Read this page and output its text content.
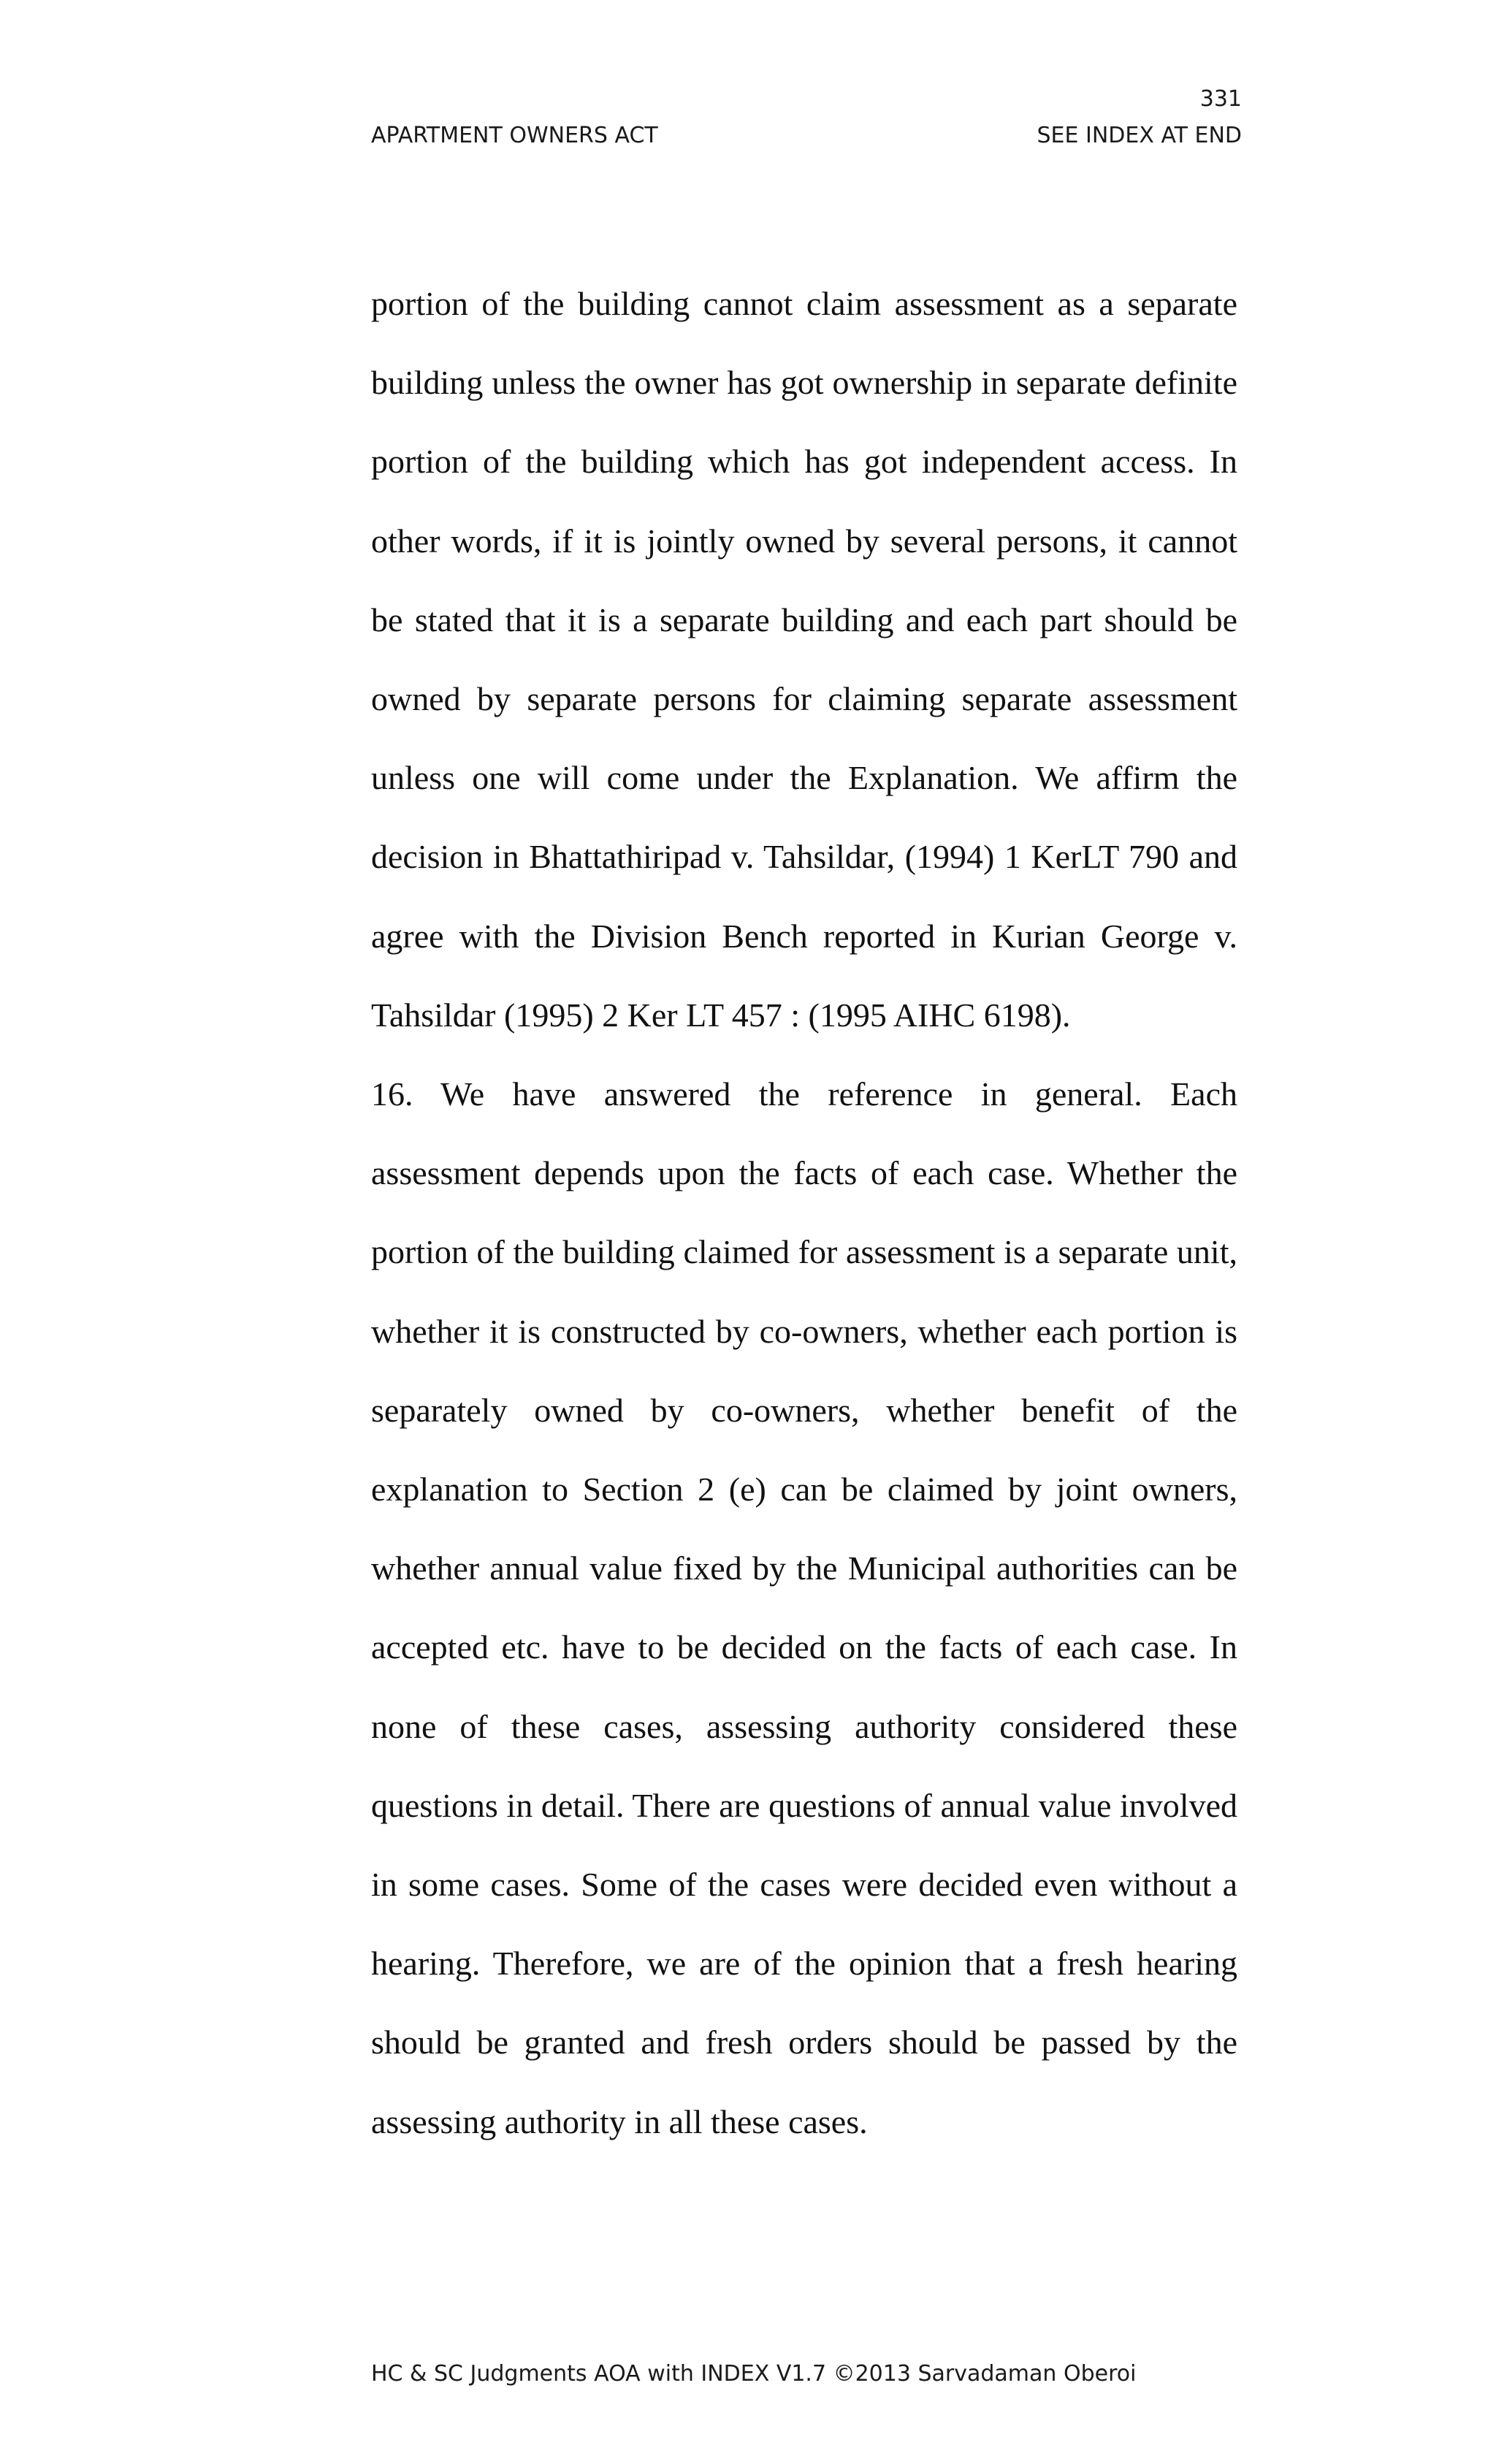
331
APARTMENT OWNERS ACT	SEE INDEX AT END

portion of the building cannot claim assessment as a separate building unless the owner has got ownership in separate definite portion of the building which has got independent access. In other words, if it is jointly owned by several persons, it cannot be stated that it is a separate building and each part should be owned by separate persons for claiming separate assessment unless one will come under the Explanation. We affirm the decision in Bhattathiripad v. Tahsildar, (1994) 1 KerLT 790 and agree with the Division Bench reported in Kurian George v. Tahsildar (1995) 2 Ker LT 457 : (1995 AIHC 6198).

16. We have answered the reference in general. Each assessment depends upon the facts of each case. Whether the portion of the building claimed for assessment is a separate unit, whether it is constructed by co-owners, whether each portion is separately owned by co-owners, whether benefit of the explanation to Section 2 (e) can be claimed by joint owners, whether annual value fixed by the Municipal authorities can be accepted etc. have to be decided on the facts of each case. In none of these cases, assessing authority considered these questions in detail. There are questions of annual value involved in some cases. Some of the cases were decided even without a hearing. Therefore, we are of the opinion that a fresh hearing should be granted and fresh orders should be passed by the assessing authority in all these cases.

HC & SC Judgments AOA with INDEX V1.7 ©2013 Sarvadaman Oberoi
